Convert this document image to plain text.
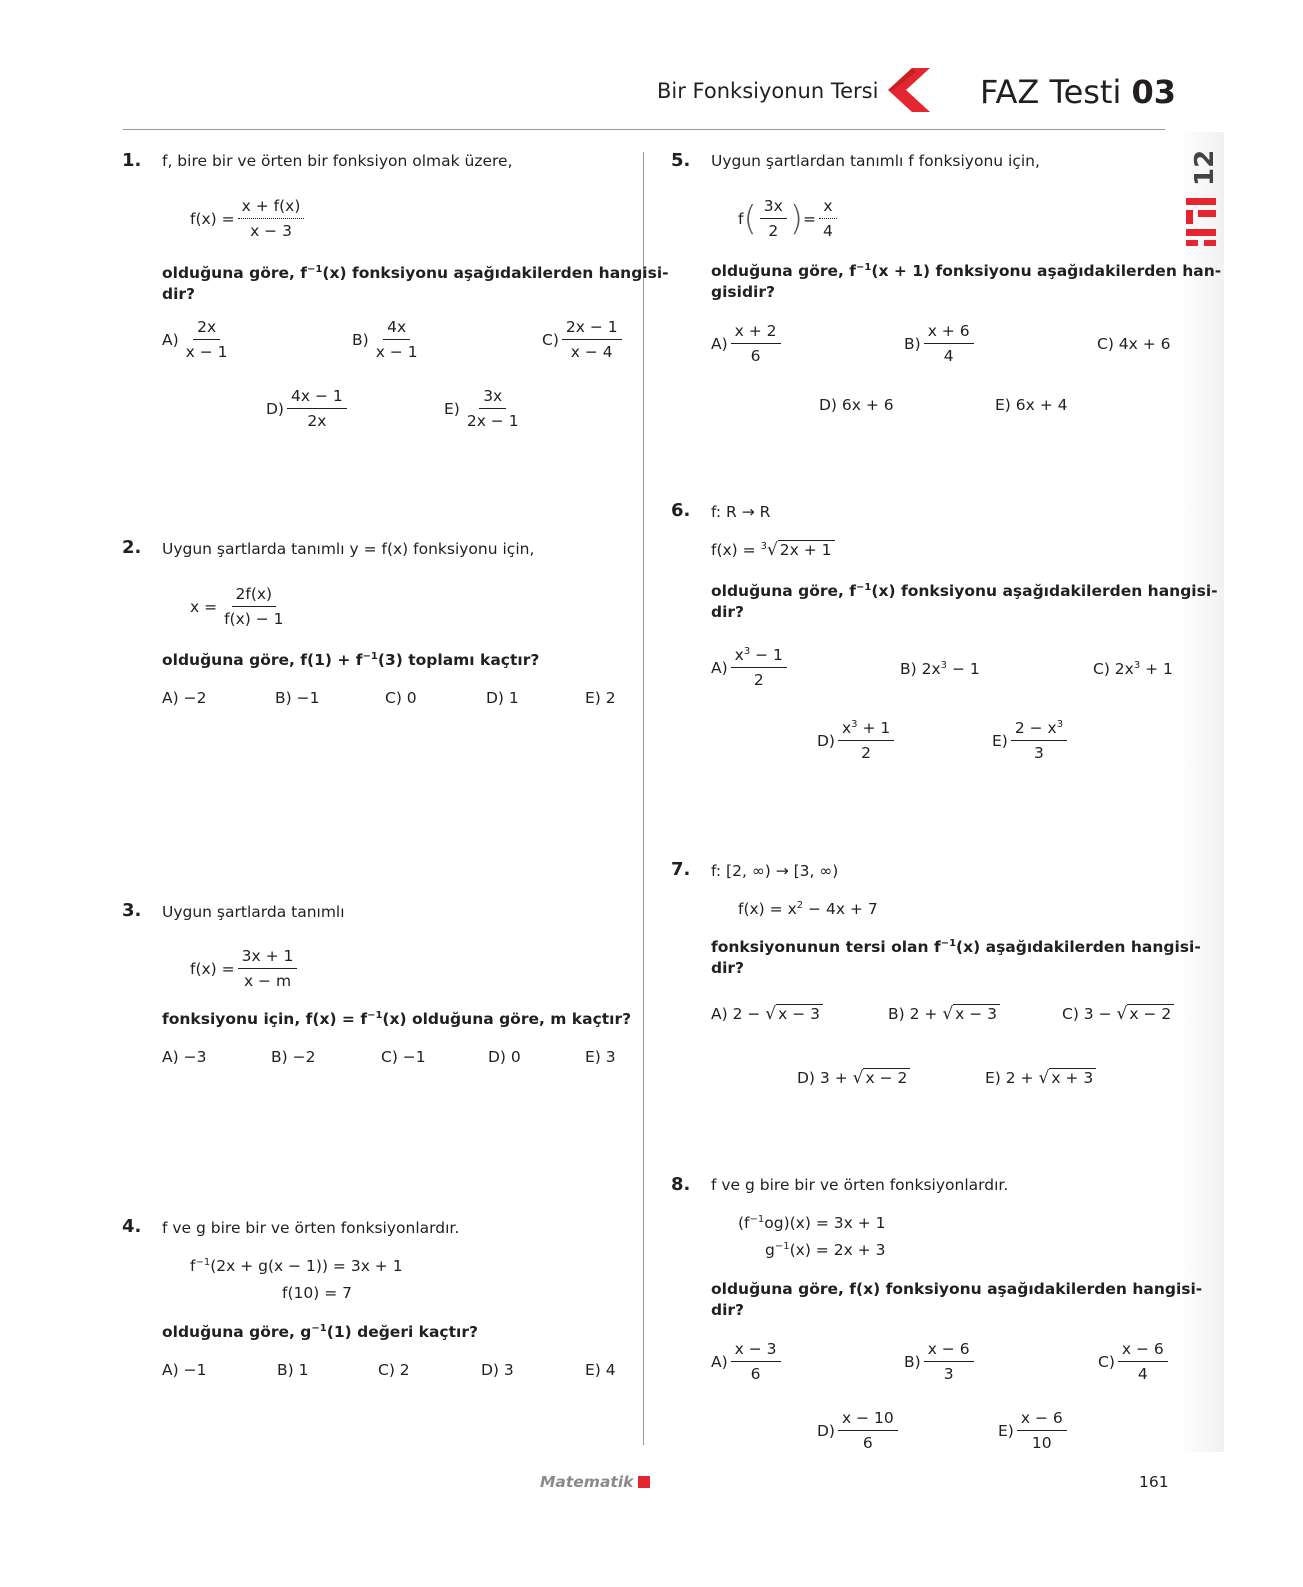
Bir Fonksiyonun Tersi	FAZ Testi 03
12
1. f, bire bir ve örten bir fonksiyon olmak üzere,
$f(x) = \frac{x + f(x)}{x - 3}$
olduğuna göre, $f^{-1}(x)$ fonksiyonu aşağıdakilerden hangisi-
dir?
$A) \frac{2x}{x - 1}$	$B) \frac{4x}{x - 1}$	$C) \frac{2x - 1}{x - 4}$
$D) \frac{4x - 1}{2x}$	$E) \frac{3x}{2x - 1}$
2. Uygun şartlarda tanımlı y = f(x) fonksiyonu için,
$x = \frac{2f(x)}{f(x) - 1}$
olduğuna göre, $f(1) + f^{-1}(3)$ toplamı kaçtır?
A) −2	B) −1	C) 0	D) 1	E) 2
3. Uygun şartlarda tanımlı
$f(x) = \frac{3x + 1}{x - m}$
fonksiyonu için, $f(x) = f^{-1}(x)$ olduğuna göre, m kaçtır?
A) −3	B) −2	C) −1	D) 0	E) 3
4. f ve g bire bir ve örten fonksiyonlardır.
$f^{-1}(2x + g(x - 1)) = 3x + 1$
f(10) = 7
olduğuna göre, $g^{-1}(1)$ değeri kaçtır?
A) −1	B) 1	C) 2	D) 3	E) 4
5. Uygun şartlardan tanımlı f fonksiyonu için,
f ( $\frac{3x}{2}$ ) = $\frac{x}{4}$
olduğuna göre, $f^{-1}(x + 1)$ fonksiyonu aşağıdakilerden han-
gisidir?
$A) \frac{x + 2}{6}$	$B) \frac{x + 6}{4}$	C) 4x + 6
D) 6x + 6	E) 6x + 4
6. f: R → R
f(x) = $^3$√ 2x + 1
olduğuna göre, $f^{-1}(x)$ fonksiyonu aşağıdakilerden hangisi-
dir?
$A) \frac{x^3 - 1}{2}$	B) $2x^3 - 1$	C) $2x^3 + 1$
$D) \frac{x^3 + 1}{2}$	$E) \frac{2 - x^3}{3}$
7. f: [2, ∞) → [3, ∞)
$f(x) = x^2 - 4x + 7$
fonksiyonunun tersi olan $f^{-1}(x)$ aşağıdakilerden hangisi-
dir?
A) 2 − √ x − 3	B) 2 + √ x − 3	C) 3 − √ x − 2
D) 3 + √ x − 2	E) 2 + √ x + 3
8. f ve g bire bir ve örten fonksiyonlardır.
$(f^{-1}og)(x) = 3x + 1$
$g^{-1}(x) = 2x + 3$
olduğuna göre, f(x) fonksiyonu aşağıdakilerden hangisi-
dir?
$A) \frac{x - 3}{6}$	$B) \frac{x - 6}{3}$	$C) \frac{x - 6}{4}$
$D) \frac{x - 10}{6}$	$E) \frac{x - 6}{10}$
Matematik	161
